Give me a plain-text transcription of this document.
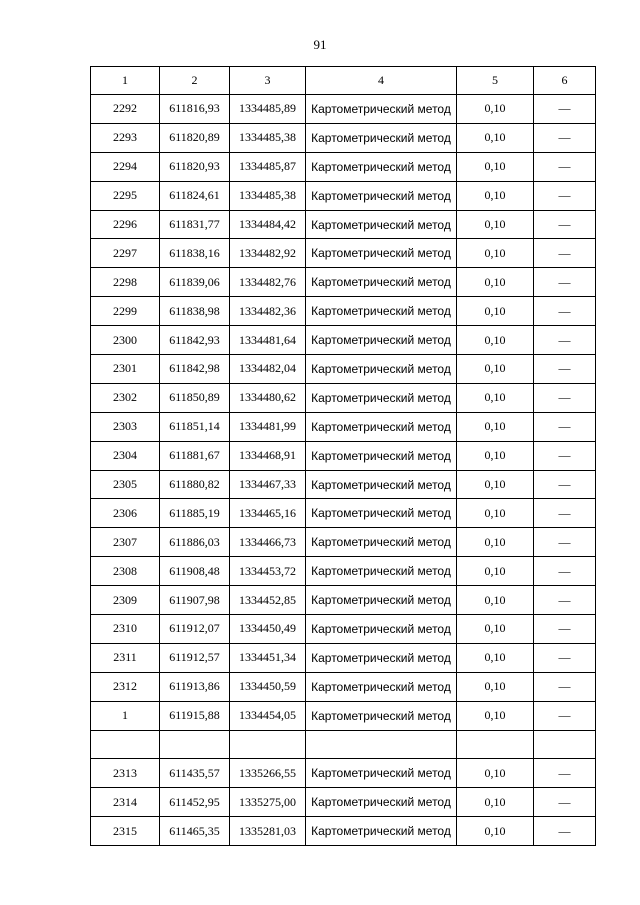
91
1	2	3	4	5	6
2292	611816,93	1334485,89	Картометрический метод	0,10	—
2293	611820,89	1334485,38	Картометрический метод	0,10	—
2294	611820,93	1334485,87	Картометрический метод	0,10	—
2295	611824,61	1334485,38	Картометрический метод	0,10	—
2296	611831,77	1334484,42	Картометрический метод	0,10	—
2297	611838,16	1334482,92	Картометрический метод	0,10	—
2298	611839,06	1334482,76	Картометрический метод	0,10	—
2299	611838,98	1334482,36	Картометрический метод	0,10	—
2300	611842,93	1334481,64	Картометрический метод	0,10	—
2301	611842,98	1334482,04	Картометрический метод	0,10	—
2302	611850,89	1334480,62	Картометрический метод	0,10	—
2303	611851,14	1334481,99	Картометрический метод	0,10	—
2304	611881,67	1334468,91	Картометрический метод	0,10	—
2305	611880,82	1334467,33	Картометрический метод	0,10	—
2306	611885,19	1334465,16	Картометрический метод	0,10	—
2307	611886,03	1334466,73	Картометрический метод	0,10	—
2308	611908,48	1334453,72	Картометрический метод	0,10	—
2309	611907,98	1334452,85	Картометрический метод	0,10	—
2310	611912,07	1334450,49	Картометрический метод	0,10	—
2311	611912,57	1334451,34	Картометрический метод	0,10	—
2312	611913,86	1334450,59	Картометрический метод	0,10	—
1	611915,88	1334454,05	Картометрический метод	0,10	—

2313	611435,57	1335266,55	Картометрический метод	0,10	—
2314	611452,95	1335275,00	Картометрический метод	0,10	—
2315	611465,35	1335281,03	Картометрический метод	0,10	—
